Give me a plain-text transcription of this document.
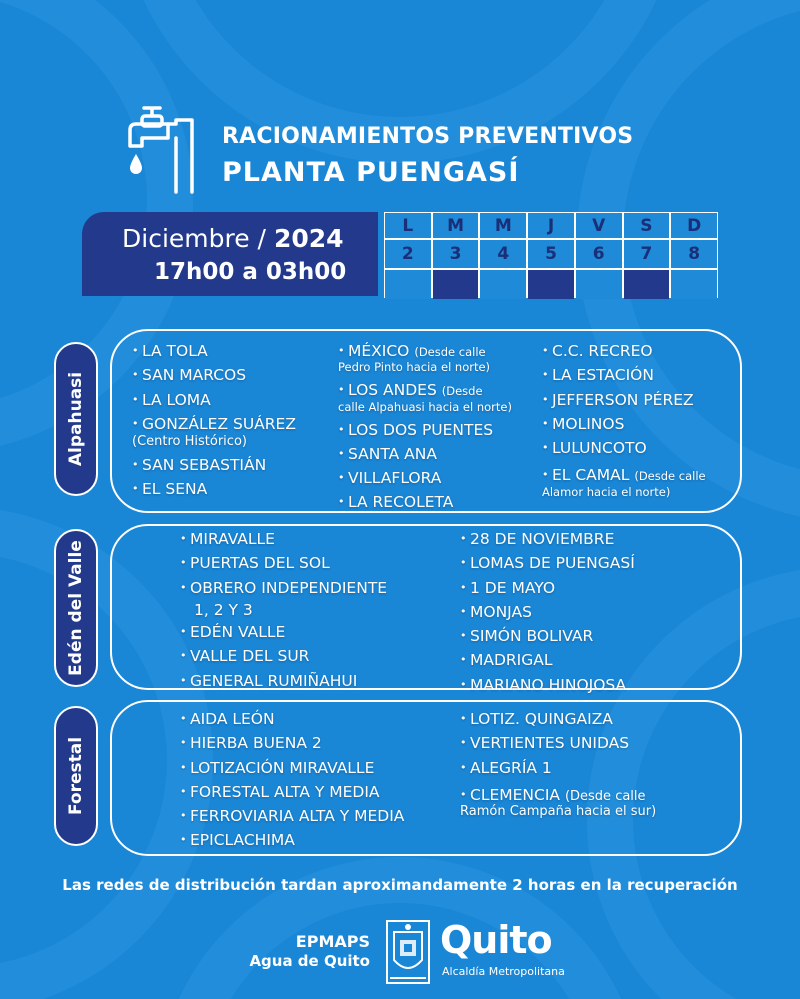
RACIONAMIENTOS PREVENTIVOS
PLANTA PUENGASÍ
Diciembre / 2024
17h00 a 03h00
L	M	M	J	V	S	D
2	3	4	5	6	7	8
Alpahuasi
Edén del Valle
Forestal
• LA TOLA
• SAN MARCOS
• LA LOMA
• GONZÁLEZ SUÁREZ
(Centro Histórico)
• SAN SEBASTIÁN
• EL SENA
• MÉXICO (Desde calle
Pedro Pinto hacia el norte)
• LOS ANDES (Desde
calle Alpahuasi hacia el norte)
• LOS DOS PUENTES
• SANTA ANA
• VILLAFLORA
• LA RECOLETA
• C.C. RECREO
• LA ESTACIÓN
• JEFFERSON PÉREZ
• MOLINOS
• LULUNCOTO
• EL CAMAL (Desde calle
Alamor hacia el norte)
• MIRAVALLE
• PUERTAS DEL SOL
• OBRERO INDEPENDIENTE
1, 2 Y 3
• EDÉN VALLE
• VALLE DEL SUR
• GENERAL RUMIÑAHUI
• 28 DE NOVIEMBRE
• LOMAS DE PUENGASÍ
• 1 DE MAYO
• MONJAS
• SIMÓN BOLIVAR
• MADRIGAL
• MARIANO HINOJOSA
• AIDA LEÓN
• HIERBA BUENA 2
• LOTIZACIÓN MIRAVALLE
• FORESTAL ALTA Y MEDIA
• FERROVIARIA ALTA Y MEDIA
• EPICLACHIMA
• LOTIZ. QUINGAIZA
• VERTIENTES UNIDAS
• ALEGRÍA 1
• CLEMENCIA (Desde calle
Ramón Campaña hacia el sur)
Las redes de distribución tardan aproximandamente 2 horas en la recuperación
EPMAPS
Agua de Quito Quito
Alcaldía Metropolitana
